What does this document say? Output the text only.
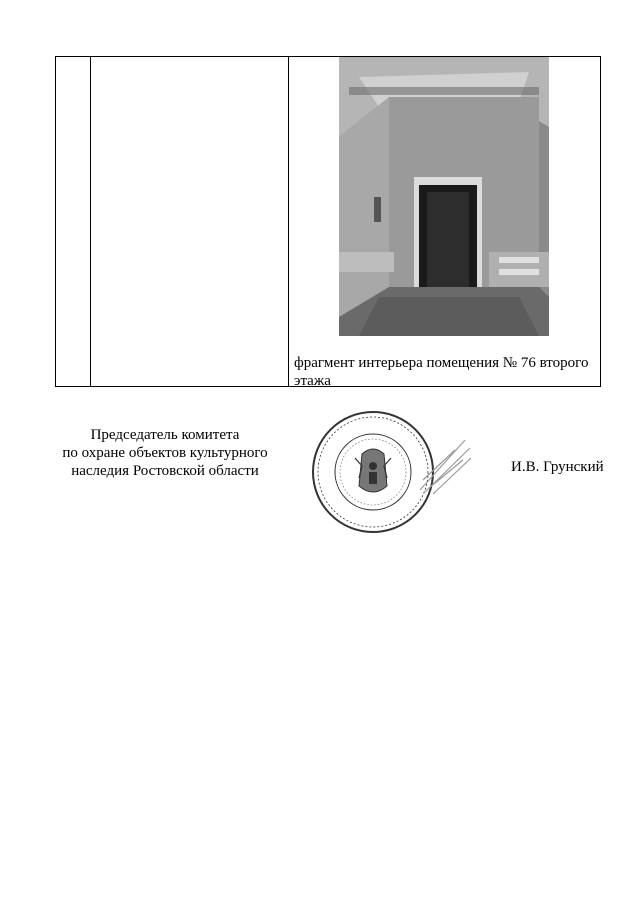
фрагмент интерьера помещения № 76 второго этажа
Председатель комитета
по охране объектов культурного
наследия Ростовской области	И.В. Грунский
